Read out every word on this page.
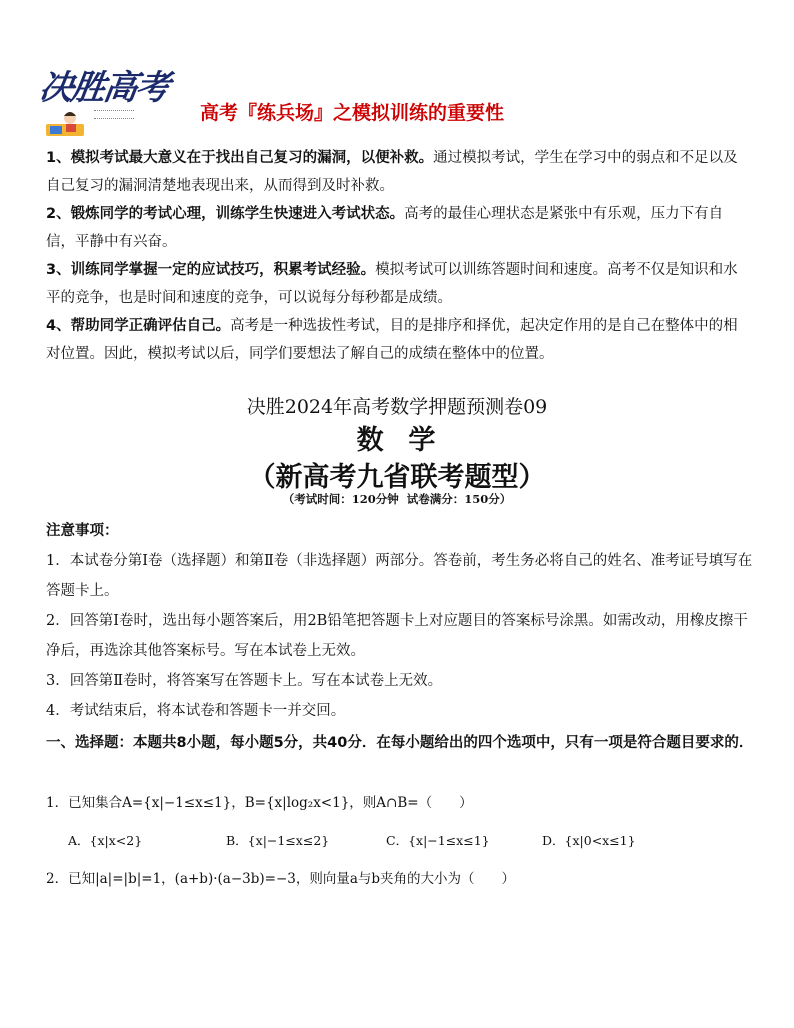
决胜高考
高考『练兵场』之模拟训练的重要性
1、模拟考试最大意义在于找出自己复习的漏洞，以便补救。通过模拟考试，学生在学习中的弱点和不足以及自己复习的漏洞清楚地表现出来，从而得到及时补救。
2、锻炼同学的考试心理，训练学生快速进入考试状态。高考的最佳心理状态是紧张中有乐观，压力下有自信，平静中有兴奋。
3、训练同学掌握一定的应试技巧，积累考试经验。模拟考试可以训练答题时间和速度。高考不仅是知识和水平的竞争，也是时间和速度的竞争，可以说每分每秒都是成绩。
4、帮助同学正确评估自己。高考是一种选拔性考试，目的是排序和择优，起决定作用的是自己在整体中的相对位置。因此，模拟考试以后，同学们要想法了解自己的成绩在整体中的位置。
决胜2024年高考数学押题预测卷09
数  学
（新高考九省联考题型）
（考试时间：120分钟  试卷满分：150分）
注意事项：
1．本试卷分第Ⅰ卷（选择题）和第Ⅱ卷（非选择题）两部分。答卷前，考生务必将自己的姓名、准考证号填写在答题卡上。
2．回答第Ⅰ卷时，选出每小题答案后，用2B铅笔把答题卡上对应题目的答案标号涂黑。如需改动，用橡皮擦干净后，再选涂其他答案标号。写在本试卷上无效。
3．回答第Ⅱ卷时，将答案写在答题卡上。写在本试卷上无效。
4．考试结束后，将本试卷和答题卡一并交回。
一、选择题：本题共8小题，每小题5分，共40分．在每小题给出的四个选项中，只有一项是符合题目要求的．
1．已知集合A={x|−1≤x≤1}，B={x|log₂x<1}，则A∩B=（　　）
A．{x|x<2}	B．{x|−1≤x≤2}	C．{x|−1≤x≤1}	D．{x|0<x≤1}
2．已知|a|=|b|=1，(a+b)·(a−3b)=−3，则向量a与b夹角的大小为（　　）
